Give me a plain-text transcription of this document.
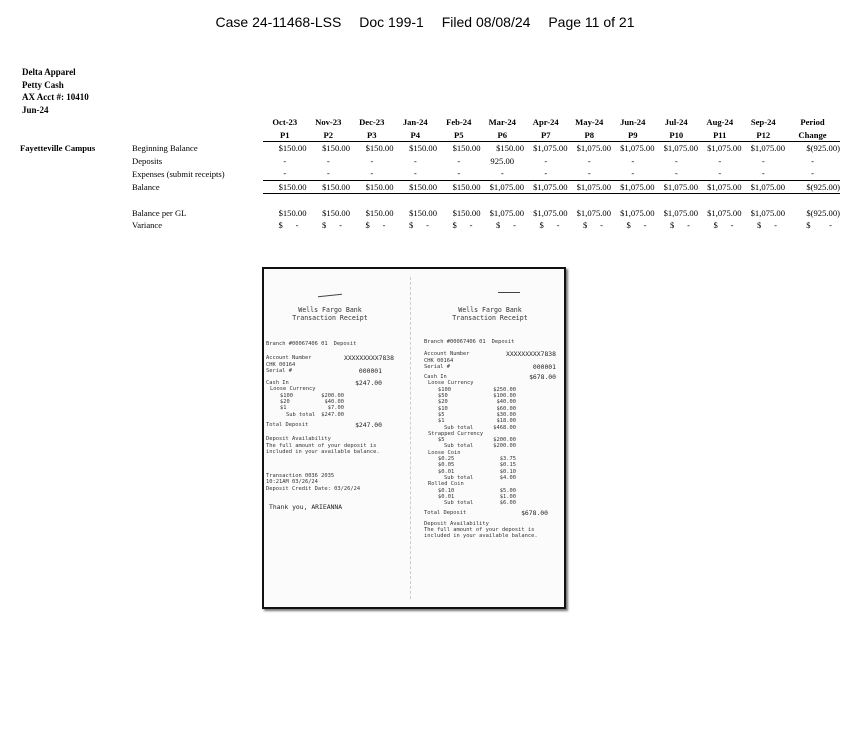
Case 24-11468-LSS Doc 199-1 Filed 08/08/24 Page 11 of 21
Delta Apparel
Petty Cash
AX Acct #: 10410
Jun-24
		Oct-23	Nov-23	Dec-23	Jan-24	Feb-24	Mar-24	Apr-24	May-24	Jun-24	Jul-24	Aug-24	Sep-24	Period
		P1	P2	P3	P4	P5	P6	P7	P8	P9	P10	P11	P12	Change
Fayetteville Campus	Beginning Balance	$ 150.00	$ 150.00	$ 150.00	$ 150.00	$ 150.00	$ 150.00	$ 1,075.00	$ 1,075.00	$ 1,075.00	$ 1,075.00	$ 1,075.00	$ 1,075.00	$ (925.00)

	Deposits	-	-	-	-	-	925.00	-	-	-	-	-	-	-
	Expenses (submit receipts)	-	-	-	-	-	-	-	-	-	-	-	-	-
	Balance	$ 150.00	$ 150.00	$ 150.00	$ 150.00	$ 150.00	$ 1,075.00	$ 1,075.00	$ 1,075.00	$ 1,075.00	$ 1,075.00	$ 1,075.00	$ 1,075.00	$ (925.00)

	Balance per GL	$ 150.00	$ 150.00	$ 150.00	$ 150.00	$ 150.00	$ 1,075.00	$ 1,075.00	$ 1,075.00	$ 1,075.00	$ 1,075.00	$ 1,075.00	$ 1,075.00	$ (925.00)

	Variance	$ -	$ -	$ -	$ -	$ -	$ -	$ -	$ -	$ -	$ -	$ -	$ -	$ -
Wells Fargo Bank
Transaction Receipt
Branch #00067406 01 Deposit
Account Number	XXXXXXXXX7838
CHK 00164
Serial #	000001
Cash In	$247.00
Loose Currency
$100	$200.00
$20	$40.00
$1	$7.00
Sub total $247.00
Total Deposit	$247.00
Deposit Availability
The full amount of your deposit is
included in your available balance.
Transaction 0036 2035
10:21AM 03/26/24
Deposit Credit Date: 03/26/24
Thank you, ARIEANNA
Wells Fargo Bank
Transaction Receipt
Branch #00067406 01 Deposit
Account Number	XXXXXXXXX7838
CHK 00164
Serial #	000001
Cash In	$678.00
Loose Currency
$100	$250.00
$50	$100.00
$20	$40.00
$10	$60.00
$5	$30.00
$1	$18.00
Sub total	$468.00
Strapped Currency
$5	$200.00
Sub total	$200.00
Loose Coin
$0.25	$3.75
$0.05	$0.15
$0.01	$0.10
Sub total	$4.00
Rolled Coin
$0.10	$5.00
$0.01	$1.00
Sub total	$6.00
Total Deposit	$678.00
Deposit Availability
The full amount of your deposit is
included in your available balance.
